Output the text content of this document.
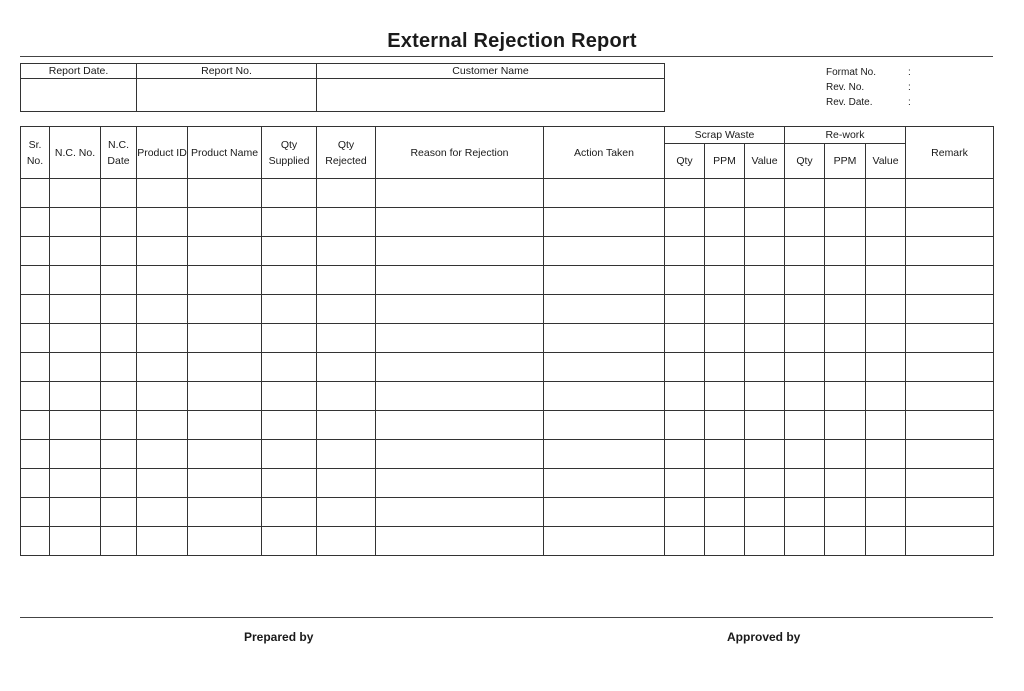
External Rejection Report
Report Date.	Report No.	Customer Name
			Format No.	:
Rev. No.	:
Rev. Date.	:
Sr. No.	N.C. No.	N.C. Date	Product ID	Product Name	Qty Supplied	Qty Rejected	Reason for Rejection	Action Taken	Scrap Waste			Re-work			Remark
									Qty	PPM	Value	Qty	PPM	Value	

Prepared by	Approved by
